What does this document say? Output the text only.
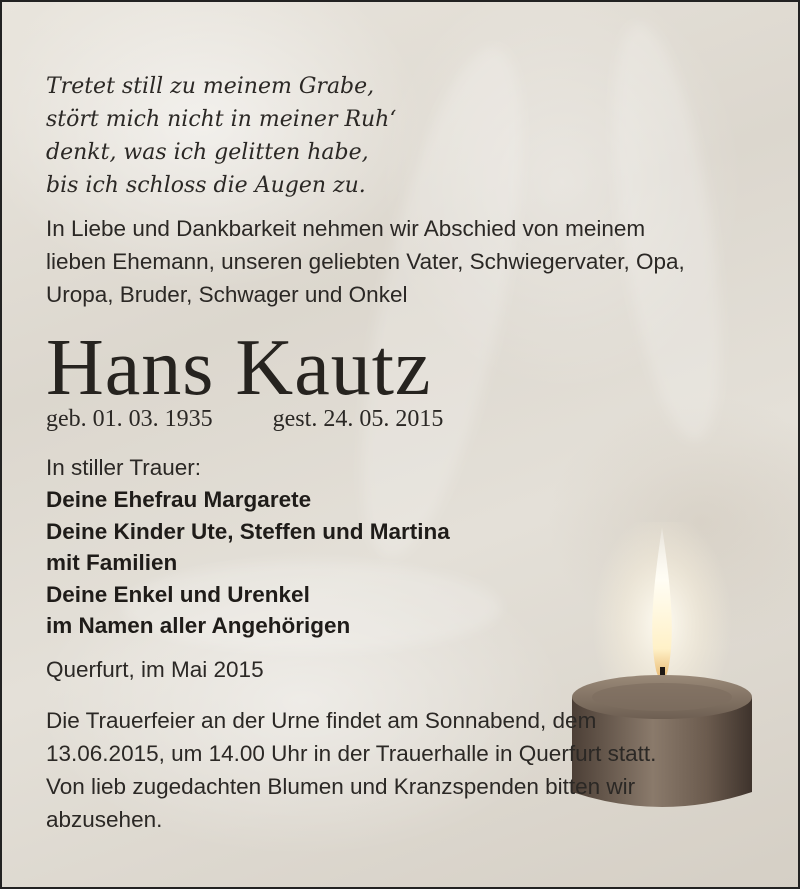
Tretet still zu meinem Grabe,
stört mich nicht in meiner Ruh‘
denkt, was ich gelitten habe,
bis ich schloss die Augen zu.
In Liebe und Dankbarkeit nehmen wir Abschied von meinem
lieben Ehemann, unseren geliebten Vater, Schwiegervater, Opa,
Uropa, Bruder, Schwager und Onkel
Hans Kautz
geb. 01. 03. 1935	gest. 24. 05. 2015
In stiller Trauer:
Deine Ehefrau Margarete
Deine Kinder Ute, Steffen und Martina
mit Familien
Deine Enkel und Urenkel
im Namen aller Angehörigen
Querfurt, im Mai 2015
Die Trauerfeier an der Urne findet am Sonnabend, dem
13.06.2015, um 14.00 Uhr in der Trauerhalle in Querfurt statt.
Von lieb zugedachten Blumen und Kranzspenden bitten wir
abzusehen.
